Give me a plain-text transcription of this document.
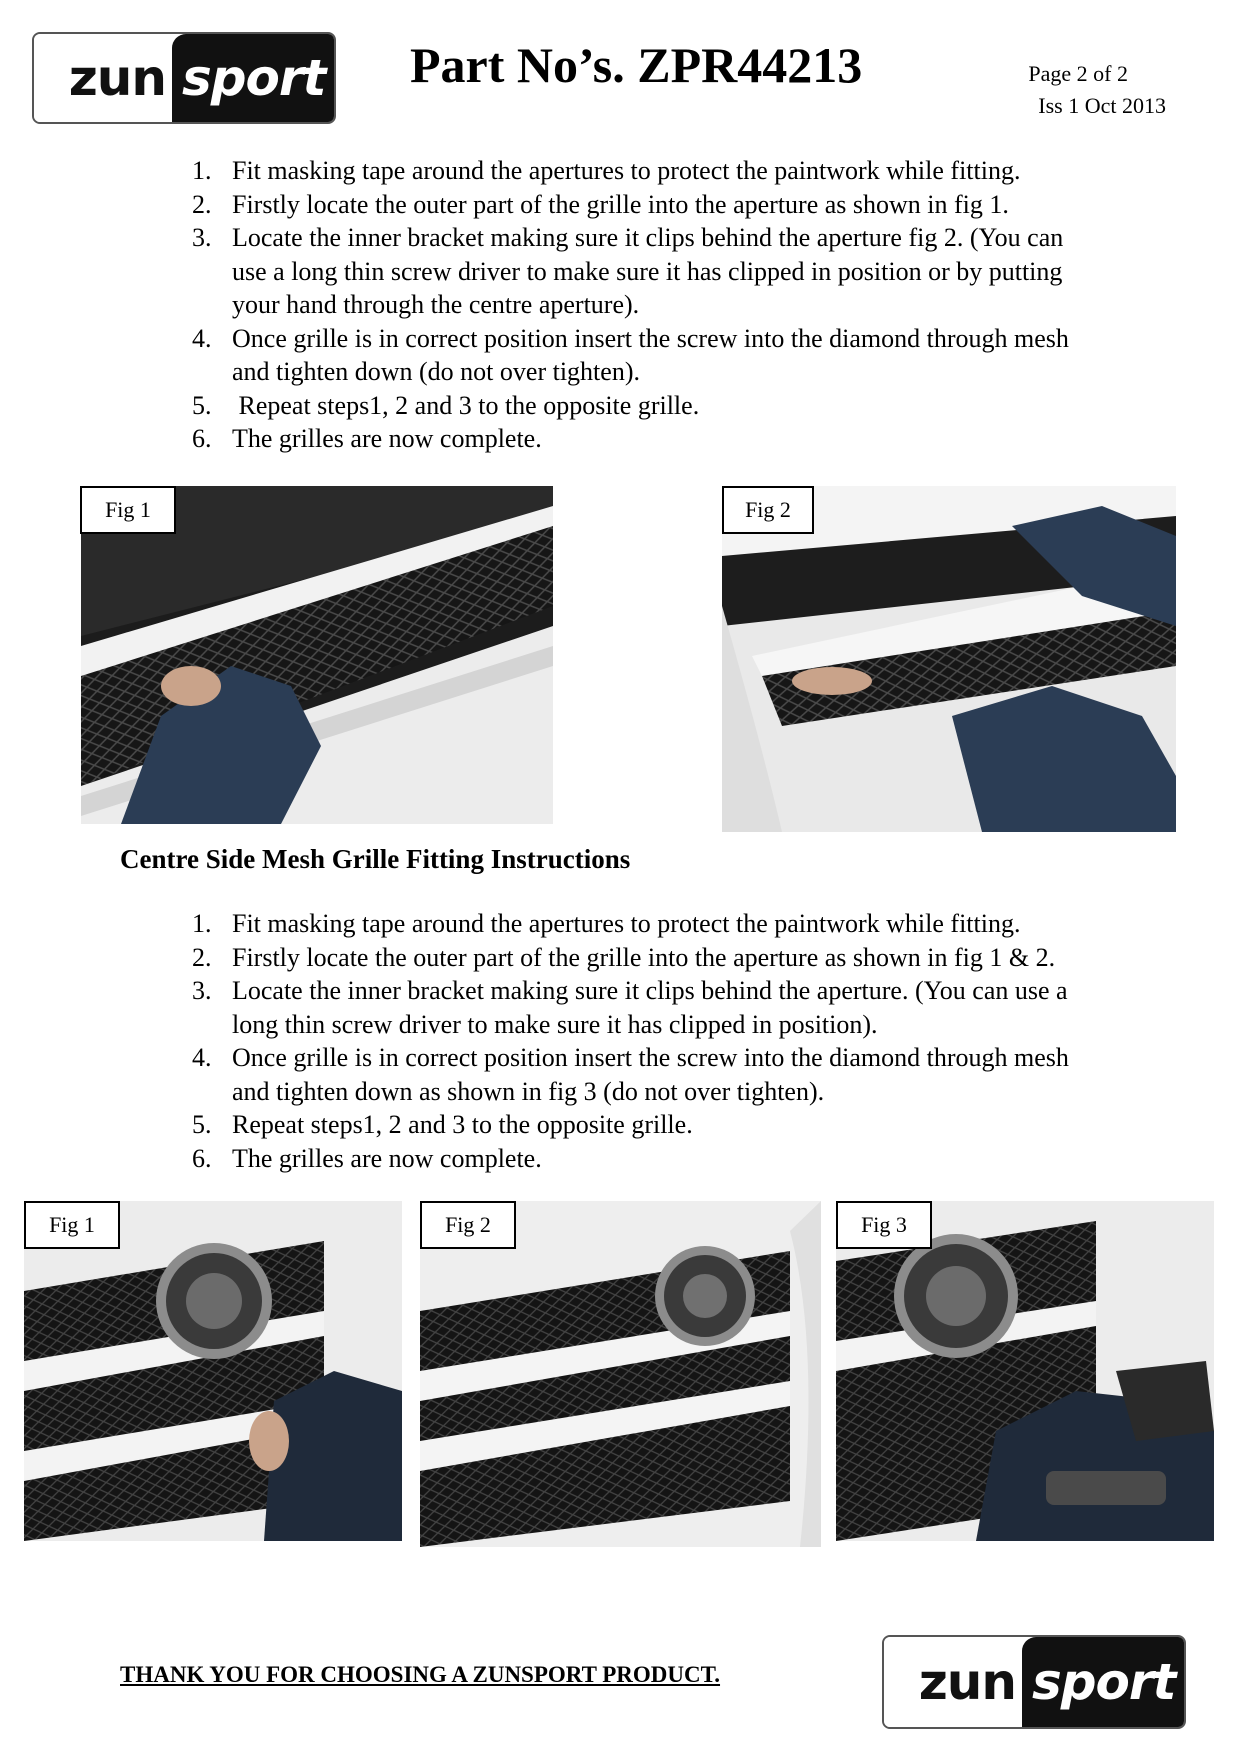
zun sport Part No’s. ZPR44213	Page 2 of 2
Iss 1 Oct 2013
1. Fit masking tape around the apertures to protect the paintwork while fitting.
2. Firstly locate the outer part of the grille into the aperture as shown in fig 1.
3. Locate the inner bracket making sure it clips behind the aperture fig 2. (You can
use a long thin screw driver to make sure it has clipped in position or by putting
your hand through the centre aperture).
4. Once grille is in correct position insert the screw into the diamond through mesh
and tighten down (do not over tighten).
5. Repeat steps1, 2 and 3 to the opposite grille.
6. The grilles are now complete.
Fig 1	Fig 2
Centre Side Mesh Grille Fitting Instructions
1. Fit masking tape around the apertures to protect the paintwork while fitting.
2. Firstly locate the outer part of the grille into the aperture as shown in fig 1 & 2.
3. Locate the inner bracket making sure it clips behind the aperture. (You can use a
long thin screw driver to make sure it has clipped in position).
4. Once grille is in correct position insert the screw into the diamond through mesh
and tighten down as shown in fig 3 (do not over tighten).
5. Repeat steps1, 2 and 3 to the opposite grille.
6. The grilles are now complete.
Fig 1	Fig 2	Fig 3
THANK YOU FOR CHOOSING A ZUNSPORT PRODUCT.	zun sport
